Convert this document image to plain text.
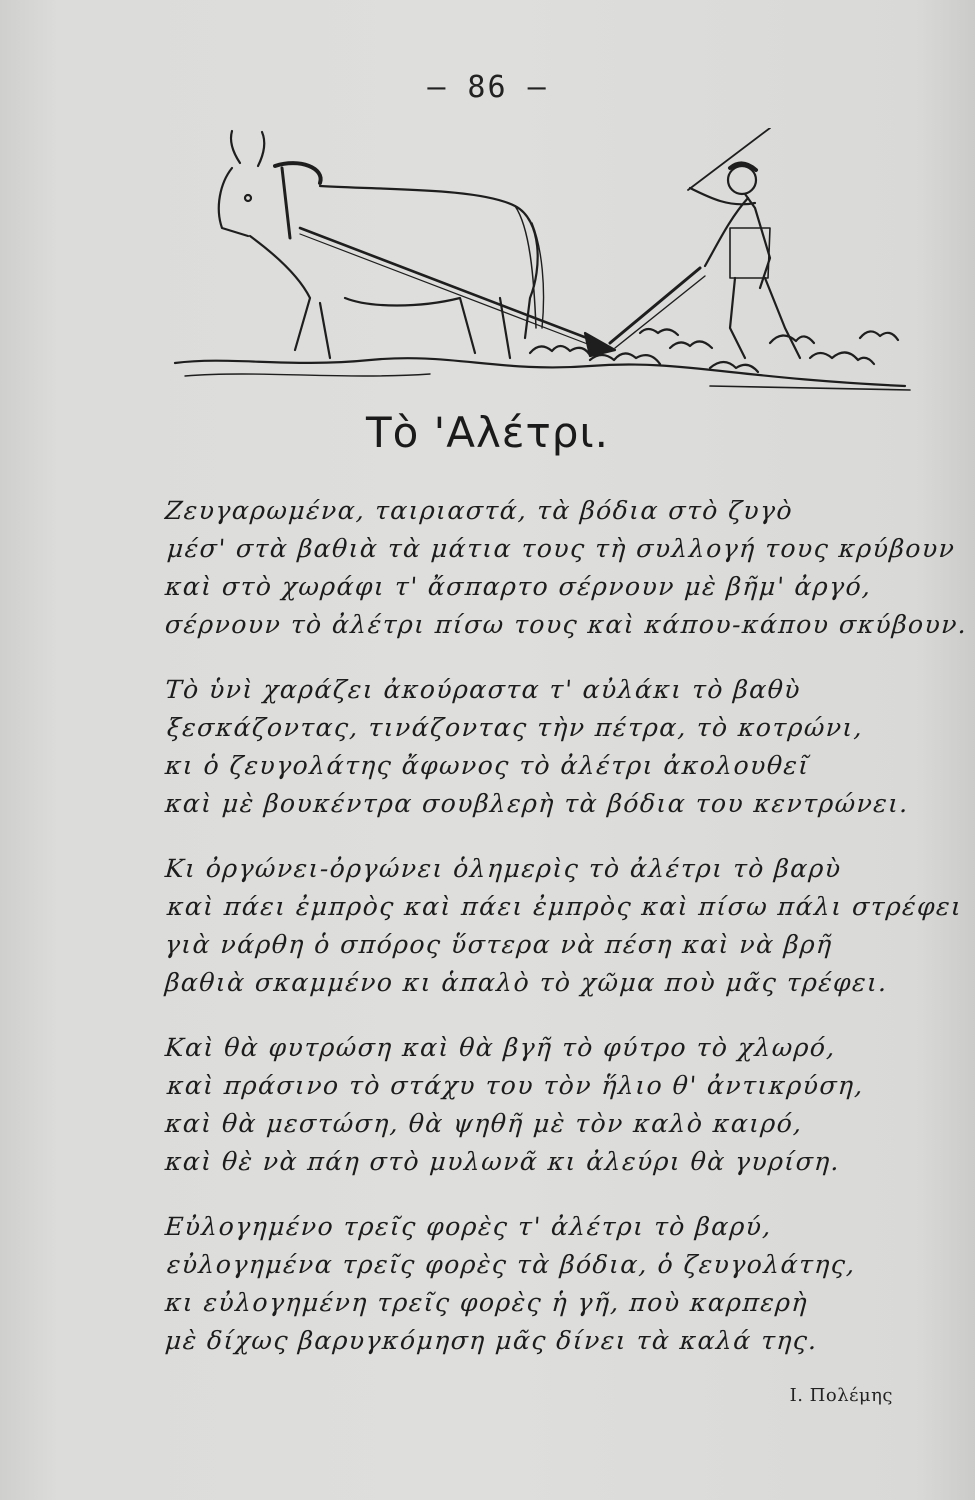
— 86 —
Τὸ 'Αλέτρι.
Ζευγαρωμένα, ταιριαστά, τὰ βόδια στὸ ζυγὸ
μέσ' στὰ βαθιὰ τὰ μάτια τους τὴ συλλογή τους κρύβουν
καὶ στὸ χωράφι τ' ἄσπαρτο σέρνουν μὲ βῆμ' ἀργό,
σέρνουν τὸ ἀλέτρι πίσω τους καὶ κάπου-κάπου σκύβουν.
Τὸ ὑνὶ χαράζει ἀκούραστα τ' αὐλάκι τὸ βαθὺ
ξεσκάζοντας, τινάζοντας τὴν πέτρα, τὸ κοτρώνι,
κι ὁ ζευγολάτης ἄφωνος τὸ ἀλέτρι ἀκολουθεῖ
καὶ μὲ βουκέντρα σουβλερὴ τὰ βόδια του κεντρώνει.
Κι ὀργώνει-ὀργώνει ὁλημερὶς τὸ ἀλέτρι τὸ βαρὺ
καὶ πάει ἐμπρὸς καὶ πάει ἐμπρὸς καὶ πίσω πάλι στρέφει
γιὰ νάρθη ὁ σπόρος ὕστερα νὰ πέση καὶ νὰ βρῆ
βαθιὰ σκαμμένο κι ἁπαλὸ τὸ χῶμα ποὺ μᾶς τρέφει.
Καὶ θὰ φυτρώση καὶ θὰ βγῆ τὸ φύτρο τὸ χλωρό,
καὶ πράσινο τὸ στάχυ του τὸν ἥλιο θ' ἀντικρύση,
καὶ θὰ μεστώση, θὰ ψηθῆ μὲ τὸν καλὸ καιρό,
καὶ θὲ νὰ πάη στὸ μυλωνᾶ κι ἀλεύρι θὰ γυρίση.
Εὐλογημένο τρεῖς φορὲς τ' ἀλέτρι τὸ βαρύ,
εὐλογημένα τρεῖς φορὲς τὰ βόδια, ὁ ζευγολάτης,
κι εὐλογημένη τρεῖς φορὲς ἡ γῆ, ποὺ καρπερὴ
μὲ δίχως βαρυγκόμηση μᾶς δίνει τὰ καλά της.
Ι. Πολέμης
